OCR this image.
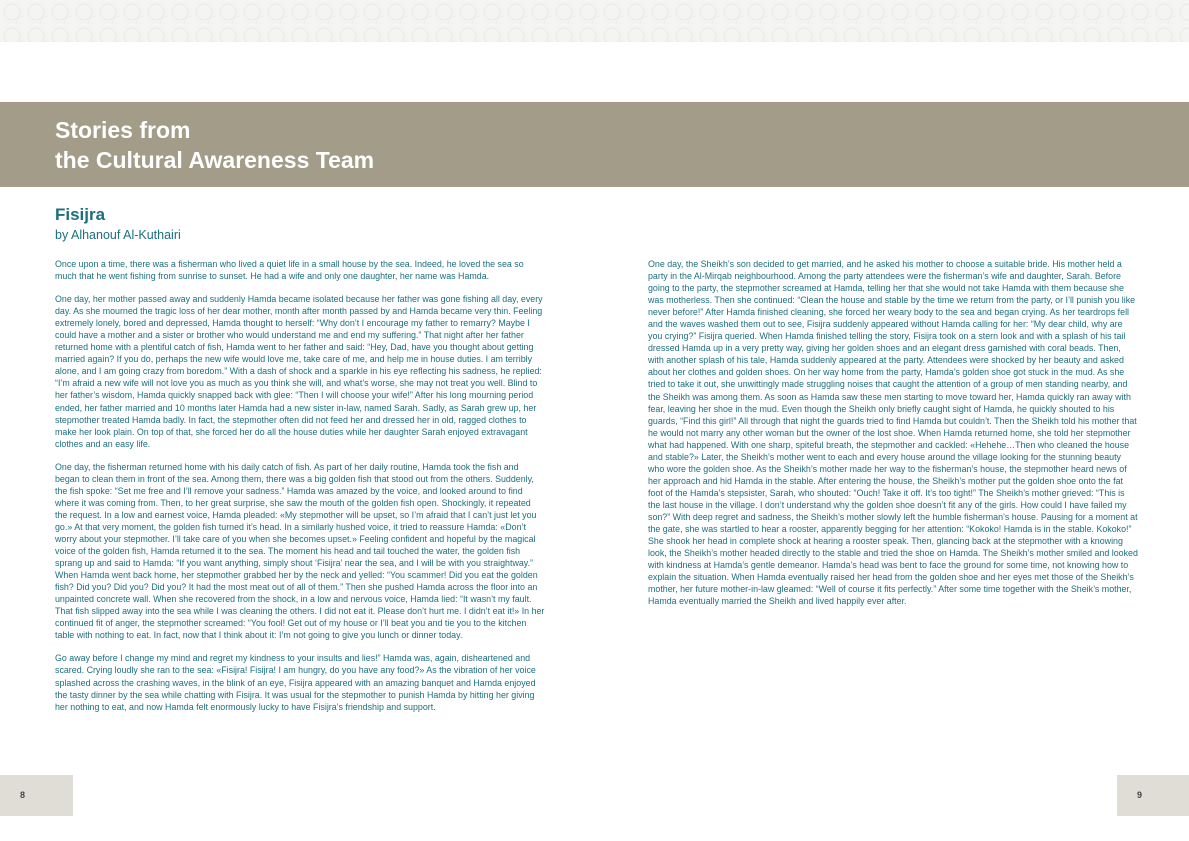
Stories from
the Cultural Awareness Team
Fisijra
by Alhanouf Al-Kuthairi

Once upon a time, there was a fisherman who lived a quiet life in a small house by the sea. Indeed, he loved the sea so much that he went fishing from sunrise to sunset. He had a wife and only one daughter, her name was Hamda.

One day, her mother passed away and suddenly Hamda became isolated because her father was gone fishing all day, every day. As she mourned the tragic loss of her dear mother, month after month passed by and Hamda became very thin. Feeling extremely lonely, bored and depressed, Hamda thought to herself: “Why don’t I encourage my father to remarry? Maybe I could have a mother and a sister or brother who would understand me and end my suffering.” That night after her father returned home with a plentiful catch of fish, Hamda went to her father and said: “Hey, Dad, have you thought about getting married again? If you do, perhaps the new wife would love me, take care of me, and help me in house duties. I am terribly alone, and I am going crazy from boredom.” With a dash of shock and a sparkle in his eye reflecting his sadness, he replied: “I’m afraid a new wife will not love you as much as you think she will, and what’s worse, she may not treat you well. Blind to her father’s wisdom, Hamda quickly snapped back with glee: “Then I will choose your wife!” After his long mourning period ended, her father married and 10 months later Hamda had a new sister in-law, named Sarah. Sadly, as Sarah grew up, her stepmother treated Hamda badly. In fact, the stepmother often did not feed her and dressed her in old, ragged clothes to make her look plain. On top of that, she forced her do all the house duties while her daughter Sarah enjoyed extravagant clothes and an easy life.

One day, the fisherman returned home with his daily catch of fish. As part of her daily routine, Hamda took the fish and began to clean them in front of the sea. Among them, there was a big golden fish that stood out from the others. Suddenly, the fish spoke: “Set me free and I’ll remove your sadness.” Hamda was amazed by the voice, and looked around to find where it was coming from. Then, to her great surprise, she saw the mouth of the golden fish open. Shockingly, it repeated the request. In a low and earnest voice, Hamda pleaded: «My stepmother will be upset, so I’m afraid that I can’t just let you go.» At that very moment, the golden fish turned it’s head. In a similarly hushed voice, it tried to reassure Hamda: «Don’t worry about your stepmother. I’ll take care of you when she becomes upset.» Feeling confident and hopeful by the magical voice of the golden fish, Hamda returned it to the sea. The moment his head and tail touched the water, the golden fish sprang up and said to Hamda: “If you want anything, simply shout ‘Fisijra’ near the sea, and I will be with you straightway.” When Hamda went back home, her stepmother grabbed her by the neck and yelled: “You scammer! Did you eat the golden fish? Did you? Did you? Did you? It had the most meat out of all of them.” Then she pushed Hamda across the floor into an unpainted concrete wall. When she recovered from the shock, in a low and nervous voice, Hamda lied: “It wasn’t my fault. That fish slipped away into the sea while I was cleaning the others. I did not eat it. Please don’t hurt me. I didn’t eat it!» In her continued fit of anger, the stepmother screamed: “You fool! Get out of my house or I’ll beat you and tie you to the kitchen table with nothing to eat. In fact, now that I think about it: I’m not going to give you lunch or dinner today.

Go away before I change my mind and regret my kindness to your insults and lies!” Hamda was, again, disheartened and scared. Crying loudly she ran to the sea: «Fisijra! Fisijra! I am hungry, do you have any food?» As the vibration of her voice splashed across the crashing waves, in the blink of an eye, Fisijra appeared with an amazing banquet and Hamda enjoyed the tasty dinner by the sea while chatting with Fisijra. It was usual for the stepmother to punish Hamda by hitting her giving her nothing to eat, and now Hamda felt enormously lucky to have Fisijra’s friendship and support.

One day, the Sheikh’s son decided to get married, and he asked his mother to choose a suitable bride. His mother held a party in the Al-Mirqab neighbourhood. Among the party attendees were the fisherman’s wife and daughter, Sarah. Before going to the party, the stepmother screamed at Hamda, telling her that she would not take Hamda with them because she was motherless. Then she continued: “Clean the house and stable by the time we return from the party, or I’ll punish you like never before!” After Hamda finished cleaning, she forced her weary body to the sea and began crying. As her teardrops fell and the waves washed them out to see, Fisijra suddenly appeared without Hamda calling for her: “My dear child, why are you crying?” Fisijra queried. When Hamda finished telling the story, Fisijra took on a stern look and with a splash of his tail dressed Hamda up in a very pretty way, giving her golden shoes and an elegant dress garnished with coral beads. Then, with another splash of his tale, Hamda suddenly appeared at the party. Attendees were shocked by her beauty and asked about her clothes and golden shoes. On her way home from the party, Hamda’s golden shoe got stuck in the mud. As she tried to take it out, she unwittingly made struggling noises that caught the attention of a group of men standing nearby, and the Sheikh was among them. As soon as Hamda saw these men starting to move toward her, Hamda quickly ran away with fear, leaving her shoe in the mud. Even though the Sheikh only briefly caught sight of Hamda, he quickly shouted to his guards, “Find this girl!” All through that night the guards tried to find Hamda but couldn’t. Then the Sheikh told his mother that he would not marry any other woman but the owner of the lost shoe. When Hamda returned home, she told her stepmother what had happened. With one sharp, spiteful breath, the stepmother and cackled: «Hehehe…Then who cleaned the house and stable?» Later, the Sheikh’s mother went to each and every house around the village looking for the stunning beauty who wore the golden shoe. As the Sheikh’s mother made her way to the fisherman’s house, the stepmother heard news of her approach and hid Hamda in the stable. After entering the house, the Sheikh’s mother put the golden shoe onto the fat foot of the Hamda’s stepsister, Sarah, who shouted: “Ouch! Take it off. It’s too tight!” The Sheikh’s mother grieved: “This is the last house in the village. I don’t understand why the golden shoe doesn’t fit any of the girls. How could I have failed my son?” With deep regret and sadness, the Sheikh’s mother slowly left the humble fisherman’s house. Pausing for a moment at the gate, she was startled to hear a rooster, apparently begging for her attention: “Kokoko! Hamda is in the stable. Kokoko!” She shook her head in complete shock at hearing a rooster speak. Then, glancing back at the stepmother with a knowing look, the Sheikh’s mother headed directly to the stable and tried the shoe on Hamda. The Sheikh’s mother smiled and looked with kindness at Hamda’s gentle demeanor. Hamda’s head was bent to face the ground for some time, not knowing how to explain the situation. When Hamda eventually raised her head from the golden shoe and her eyes met those of the Sheikh’s mother, her future mother-in-law gleamed: “Well of course it fits perfectly.” After some time together with the Sheik’s mother, Hamda eventually married the Sheikh and lived happily ever after.

8	9
